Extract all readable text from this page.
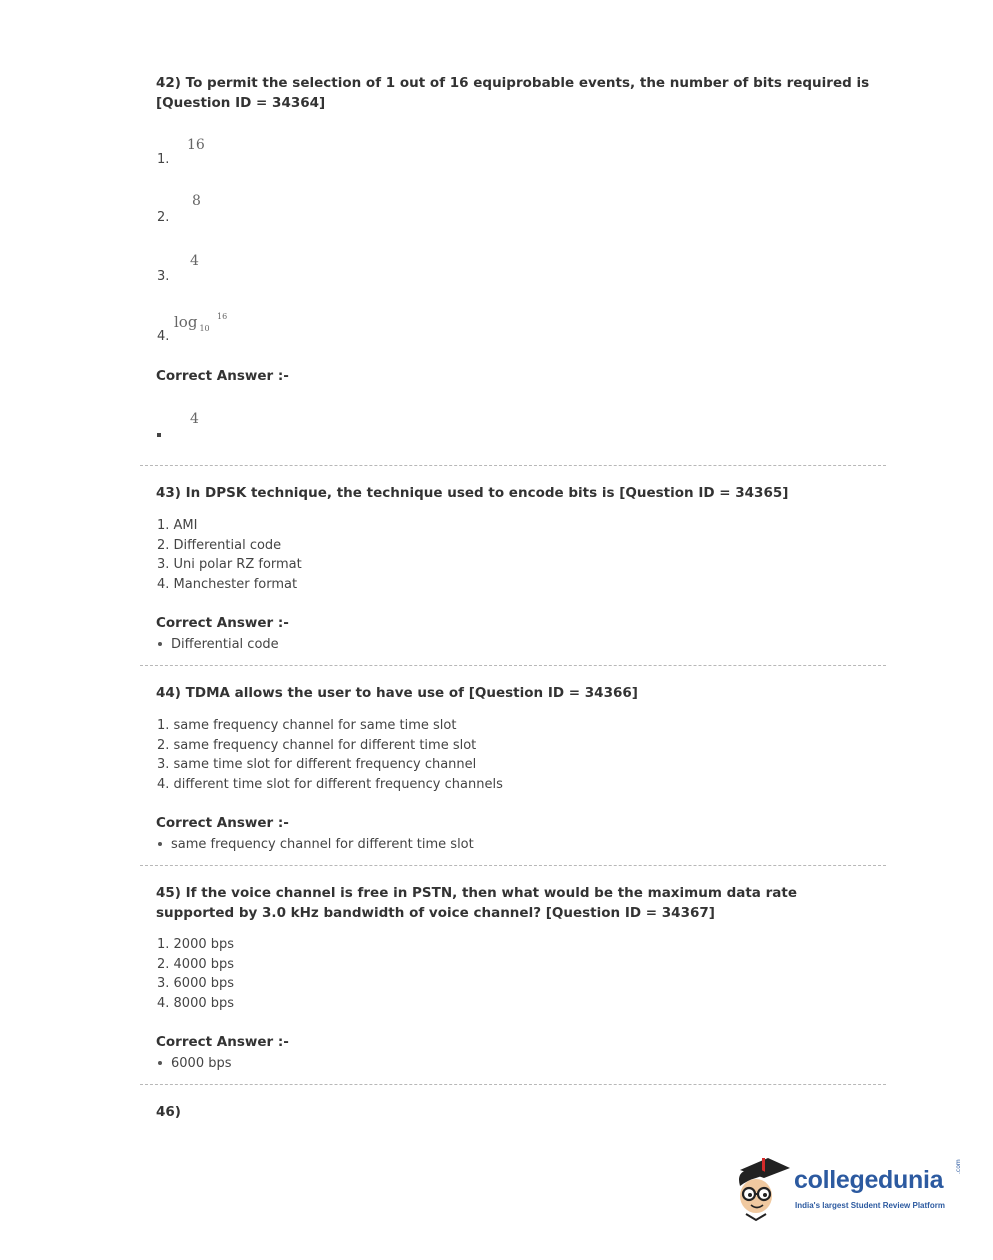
42) To permit the selection of 1 out of 16 equiprobable events, the number of bits required is [Question ID = 34364]
16
1.
8
2.
4
3.
log $_{10}$
16
4.
Correct Answer :-
4
43) In DPSK technique, the technique used to encode bits is [Question ID = 34365]
1. AMI
2. Differential code
3. Uni polar RZ format
4. Manchester format
Correct Answer :-
Differential code
44) TDMA allows the user to have use of [Question ID = 34366]
1. same frequency channel for same time slot
2. same frequency channel for different time slot
3. same time slot for different frequency channel
4. different time slot for different frequency channels
Correct Answer :-
same frequency channel for different time slot
45) If the voice channel is free in PSTN, then what would be the maximum data rate supported by 3.0 kHz bandwidth of voice channel? [Question ID = 34367]
1. 2000 bps
2. 4000 bps
3. 6000 bps
4. 8000 bps
Correct Answer :-
6000 bps
46)
collegedunia .com
India's largest Student Review Platform
